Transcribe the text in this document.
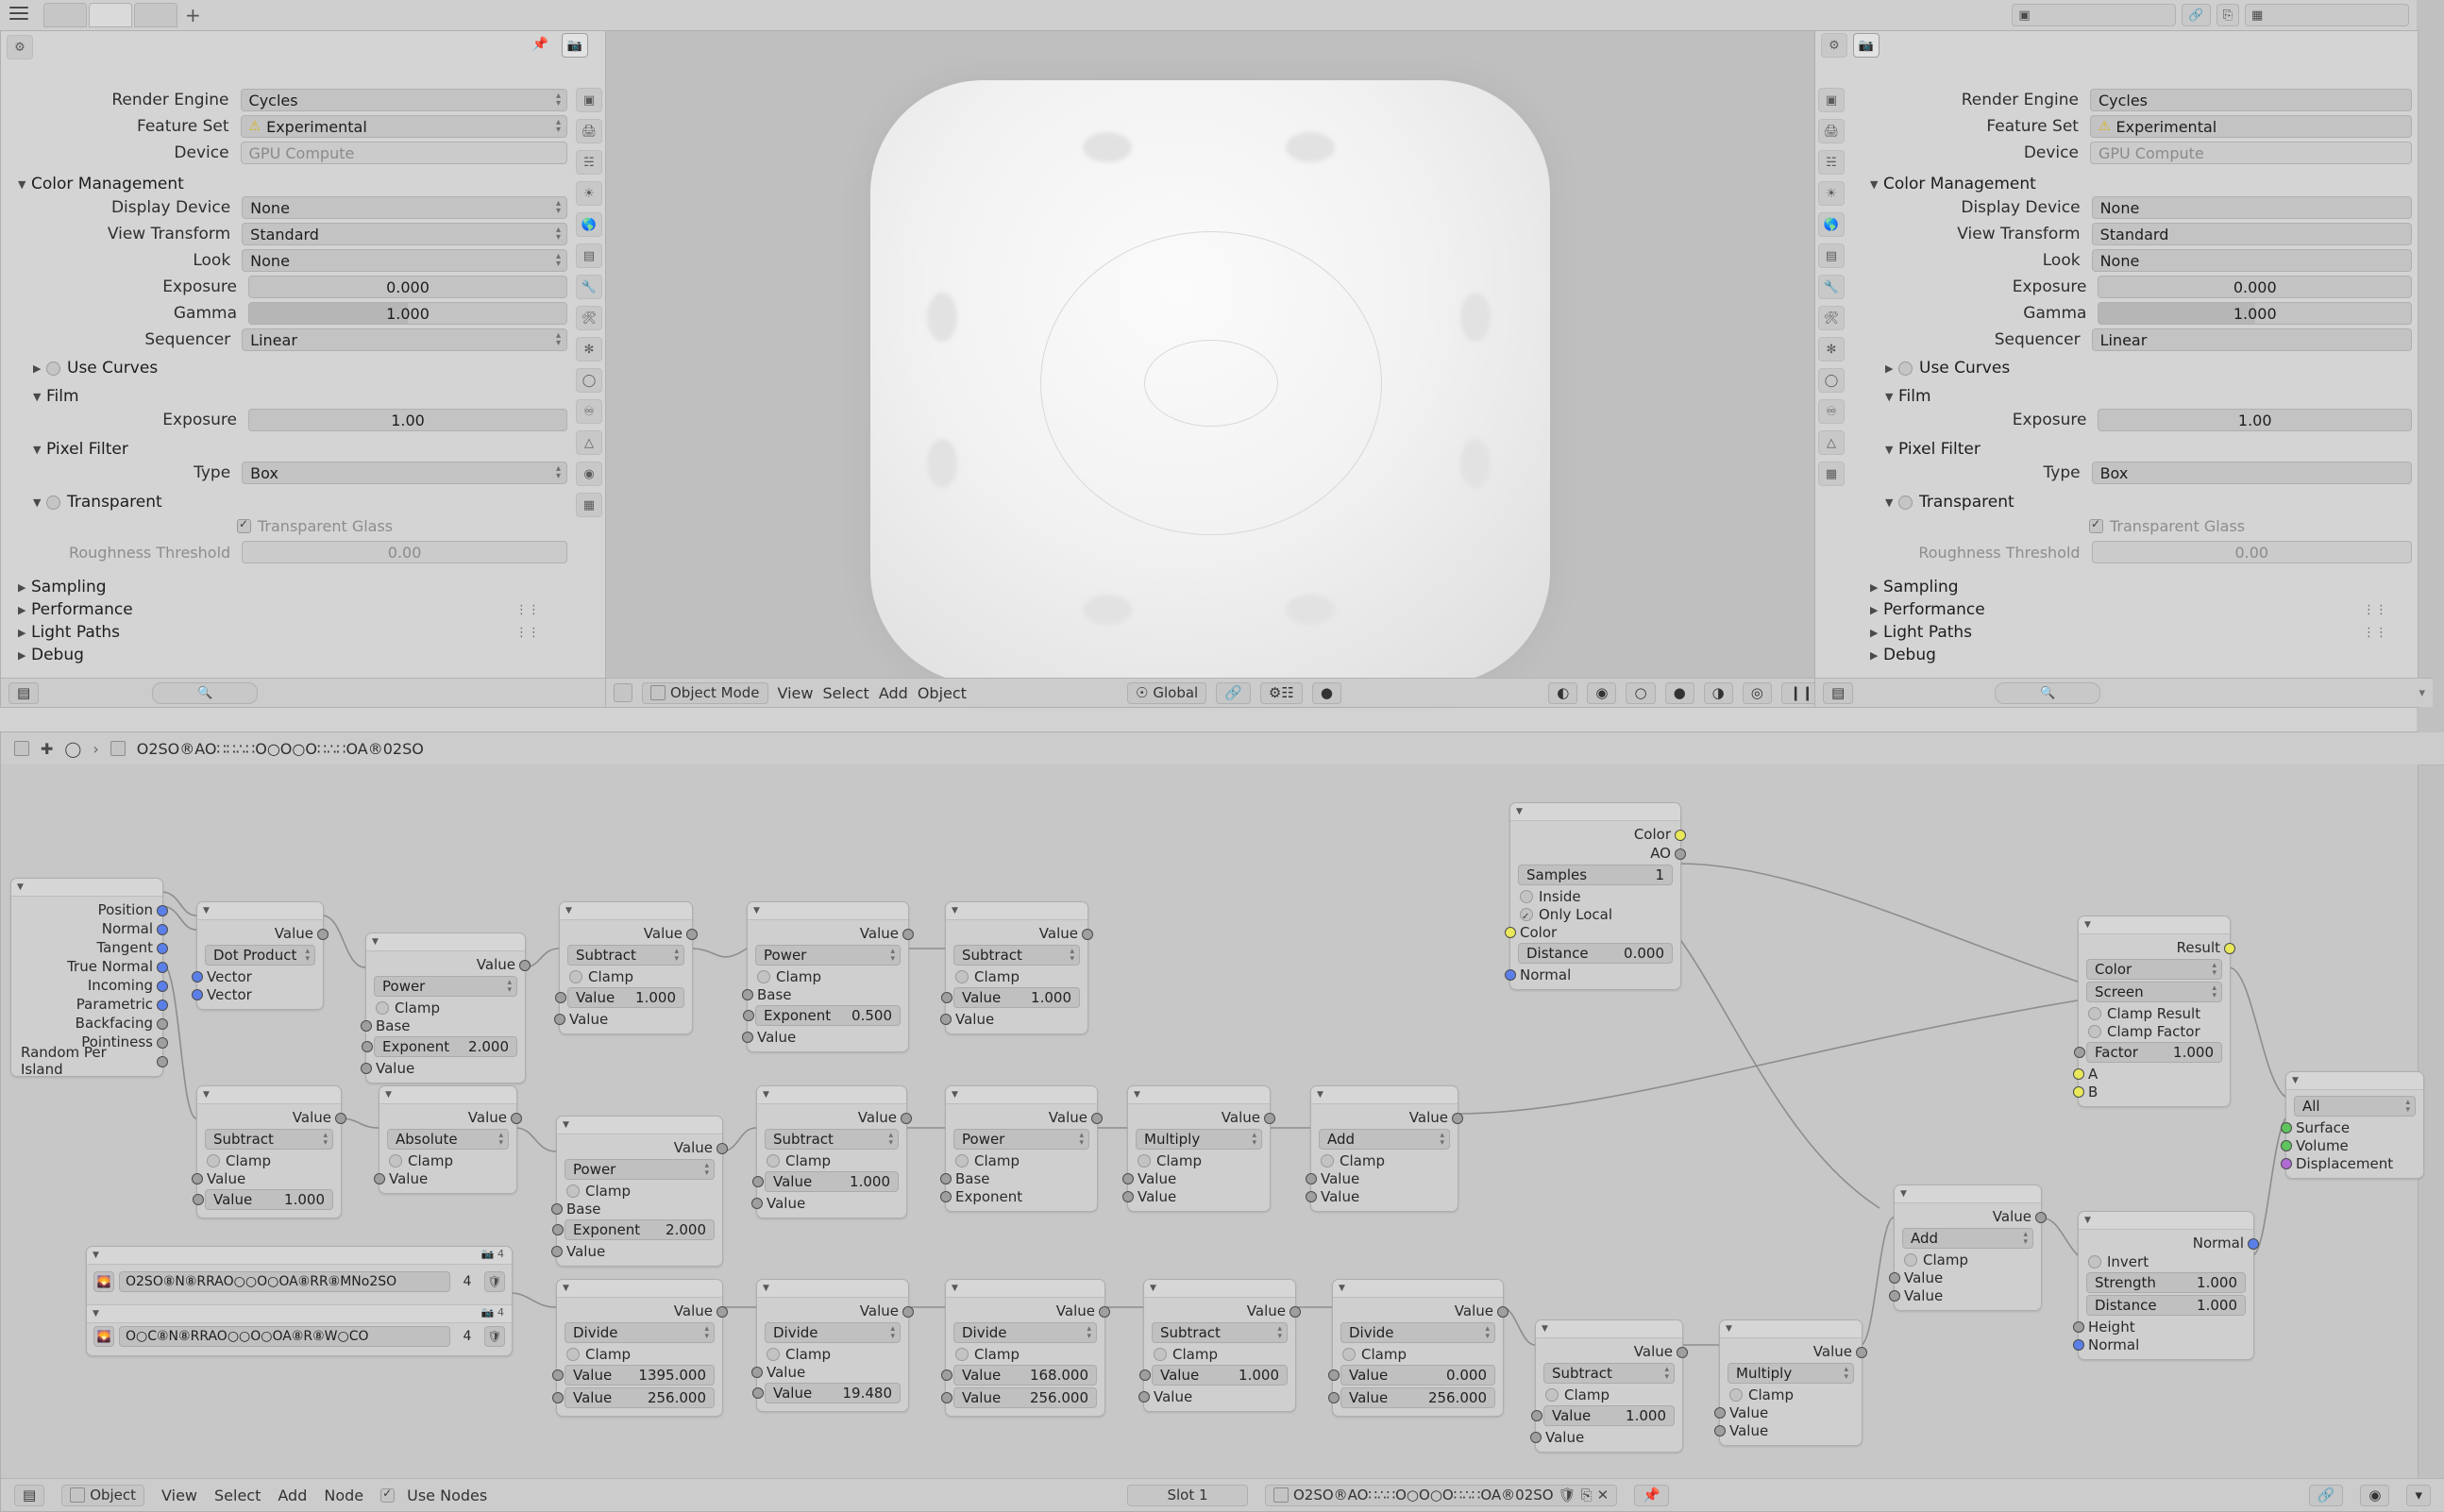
+	▣	🔗	⎘	▦
⚙	📌	📷
▣
🖨
☵
☀
🌎
▤
🔧
🛠
✻
◯
♾
△
◉
▦
Render Engine	Cycles	▴
▾
Feature Set	⚠ Experimental	▴
▾
Device	GPU Compute
▼ Color Management
Display Device	None	▴
▾
View Transform	Standard	▴
▾
Look	None	▴
▾
Exposure	0.000
Gamma	1.000
Sequencer	Linear	▴
▾
▶	Use Curves
▼ Film
Exposure	1.00
▼ Pixel Filter
Type	Box	▴
▾
▼	Transparent
✓
Transparent Glass
Roughness Threshold	0.00
▶ Sampling
▶ Performance	⋮⋮
▶ Light Paths	⋮⋮
▶ Debug
▤	🔍	Object Mode View Select Add Object	☉ Global	🔗	⚙☷	●	◐	◉	○	●	◑	◎	❙❙
⚙	📷
▣
🖨
☵
☀
🌎
▤
🔧
🛠
✻
◯
♾
△
▦
Render Engine	Cycles
Feature Set	⚠ Experimental
Device	GPU Compute
▼ Color Management
Display Device	None
View Transform	Standard
Look	None
Exposure	0.000
Gamma	1.000
Sequencer	Linear
▶	Use Curves
▼ Film
Exposure	1.00
▼ Pixel Filter
Type	Box
▼	Transparent
✓
Transparent Glass
Roughness Threshold	0.00
▶ Sampling
▶ Performance	⋮⋮
▶ Light Paths	⋮⋮
▶ Debug
▤	🔍	▾
✚ ◯ ›	O2SO®AO∷∷∴∷O○O○O∷∴∷OA®02SO
▼
Position
Normal
Tangent
True Normal
Incoming
Parametric
Backfacing
Pointiness
Random Per Island
▼
Value
Dot Product ▴
▾
Vector
Vector
▼
Value
Power	▴
▾
Clamp
Base
Exponent 2.000
Value
▼
Value
Subtract	▴
▾
Clamp
Value 1.000
Value
▼
Value
Power	▴
▾
Clamp
Base
Exponent 0.500
Value
▼
Value
Subtract	▴
▾
Clamp
Value 1.000
Value
▼
Value
Subtract	▴
▾
Clamp
Value
Value 1.000
▼
Value
Absolute	▴
▾
Clamp
Value
▼
Value
Power	▴
▾
Clamp
Base
Exponent 2.000
Value
▼
Value
Subtract	▴
▾
Clamp
Value	1.000
Value
▼
Value
Power	▴
▾
Clamp
Base
Exponent
▼
Value
Multiply	▴
▾
Clamp
Value
Value
▼
Value
Add	▴
▾
Clamp
Value
Value	▼
Value
Add	▴
▾
Clamp
Value
Value
▼
Value
Divide	▴
▾
Clamp
Value 1395.000
Value	256.000
▼
Value
Divide	▴
▾
Clamp
Value
Value 19.480
▼
Value
Divide	▴
▾
Clamp
Value 168.000
Value 256.000
▼
Value
Subtract	▴
▾
Clamp
Value	1.000
Value
▼
Value
Divide	▴
▾
Clamp
Value	0.000
Value	256.000
▼
Value
Subtract	▴
▾
Clamp
Value 1.000
Value
▼
Value
Multiply	▴
▾
Clamp
Value
Value
▼
Color
AO
Samples	1
Inside
✓
Only Local
Color
Distance 0.000
Normal
▼
Result
Color	▴
▾
Screen	▴
▾
Clamp Result
Clamp Factor
Factor 1.000
A
B
▼
All	▴
▾
Surface
Volume
Displacement
▼
Normal
Invert
Strength	1.000
Distance	1.000
Height
Normal
▼	📷 4
🌄	O2SO⑧N⑧RRAO○○O○OA⑧RR⑧MNo2SO	4	🛡
▼	📷 4
🌄	O○C⑧N⑧RRAO○○O○OA⑧R⑧W○CO	4	🛡
▤	Object View Select Add Node ✓	Use Nodes	Slot 1	O2SO®AO∷∴∷O○O○O∷∴∷OA®02SO 🛡 ⎘ ✕	📌	🔗	◉	▾
